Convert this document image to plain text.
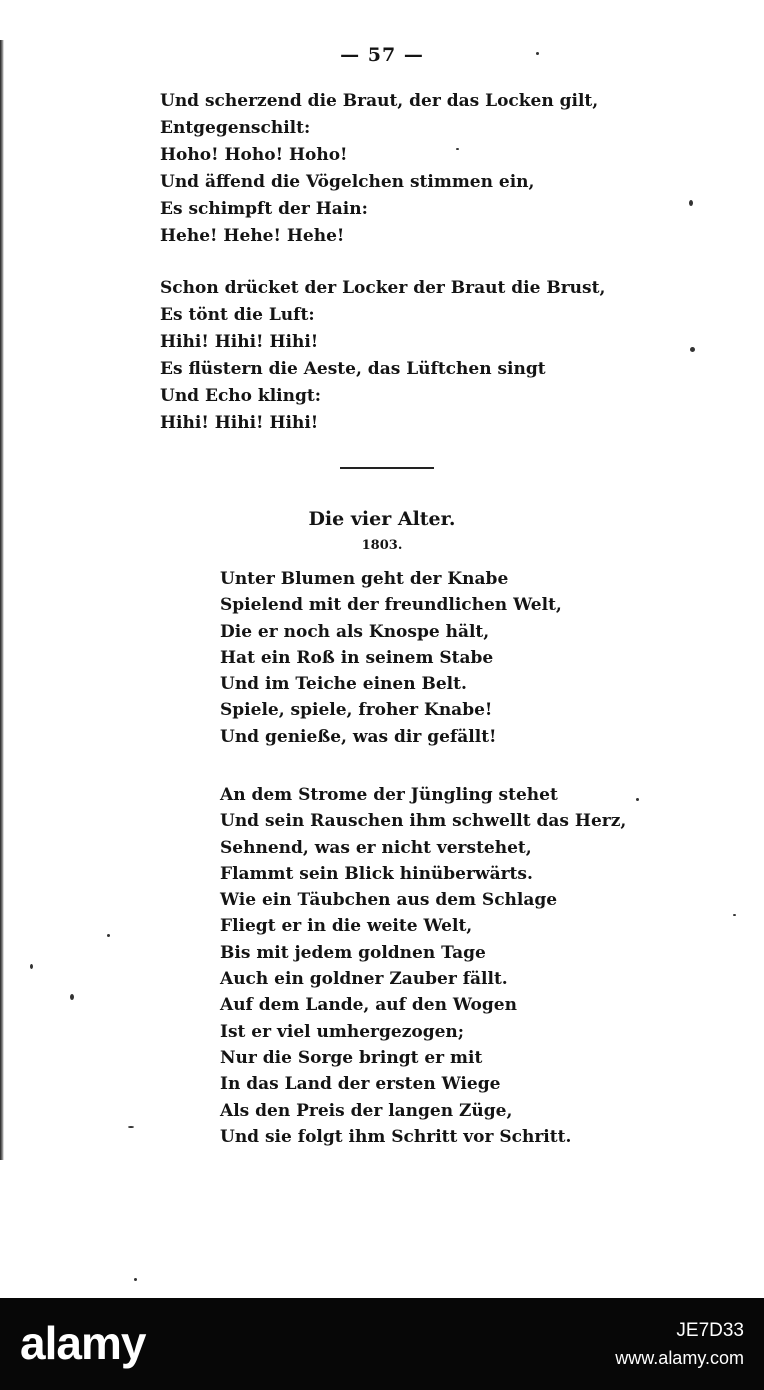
— 57 —
Und scherzend die Braut, der das Locken gilt,
Entgegenschilt:
Hoho! Hoho! Hoho!
Und äffend die Vögelchen stimmen ein,
Es schimpft der Hain:
Hehe! Hehe! Hehe!
Schon drücket der Locker der Braut die Brust,
Es tönt die Luft:
Hihi! Hihi! Hihi!
Es flüstern die Aeste, das Lüftchen singt
Und Echo klingt:
Hihi! Hihi! Hihi!
Die vier Alter.
1803.
Unter Blumen geht der Knabe
Spielend mit der freundlichen Welt,
Die er noch als Knospe hält,
Hat ein Roß in seinem Stabe
Und im Teiche einen Belt.
Spiele, spiele, froher Knabe!
Und genieße, was dir gefällt!
An dem Strome der Jüngling stehet
Und sein Rauschen ihm schwellt das Herz,
Sehnend, was er nicht verstehet,
Flammt sein Blick hinüberwärts.
Wie ein Täubchen aus dem Schlage
Fliegt er in die weite Welt,
Bis mit jedem goldnen Tage
Auch ein goldner Zauber fällt.
Auf dem Lande, auf den Wogen
Ist er viel umhergezogen;
Nur die Sorge bringt er mit
In das Land der ersten Wiege
Als den Preis der langen Züge,
Und sie folgt ihm Schritt vor Schritt.
alamy	JE7D33
www.alamy.com
